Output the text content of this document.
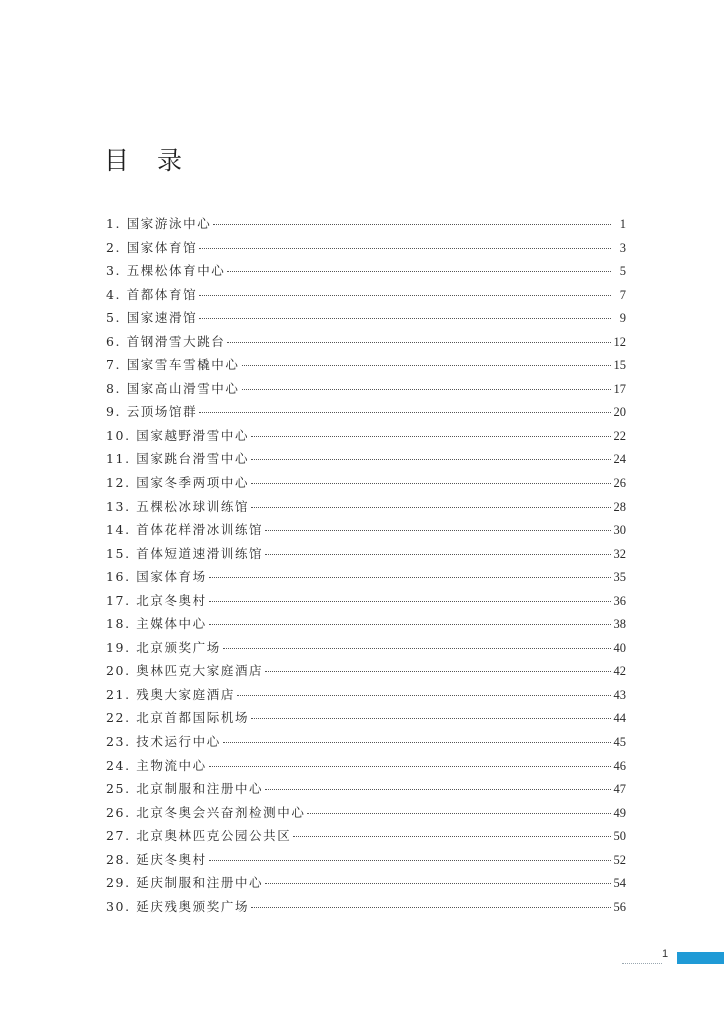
目 录
1. 国家游泳中心	1
2. 国家体育馆	3
3. 五棵松体育中心	5
4. 首都体育馆	7
5. 国家速滑馆	9
6. 首钢滑雪大跳台	12
7. 国家雪车雪橇中心	15
8. 国家高山滑雪中心	17
9. 云顶场馆群	20
10. 国家越野滑雪中心	22
11. 国家跳台滑雪中心	24
12. 国家冬季两项中心	26
13. 五棵松冰球训练馆	28
14. 首体花样滑冰训练馆	30
15. 首体短道速滑训练馆	32
16. 国家体育场	35
17. 北京冬奥村	36
18. 主媒体中心	38
19. 北京颁奖广场	40
20. 奥林匹克大家庭酒店	42
21. 残奥大家庭酒店	43
22. 北京首都国际机场	44
23. 技术运行中心	45
24. 主物流中心	46
25. 北京制服和注册中心	47
26. 北京冬奥会兴奋剂检测中心	49
27. 北京奥林匹克公园公共区	50
28. 延庆冬奥村	52
29. 延庆制服和注册中心	54
30. 延庆残奥颁奖广场	56
1
